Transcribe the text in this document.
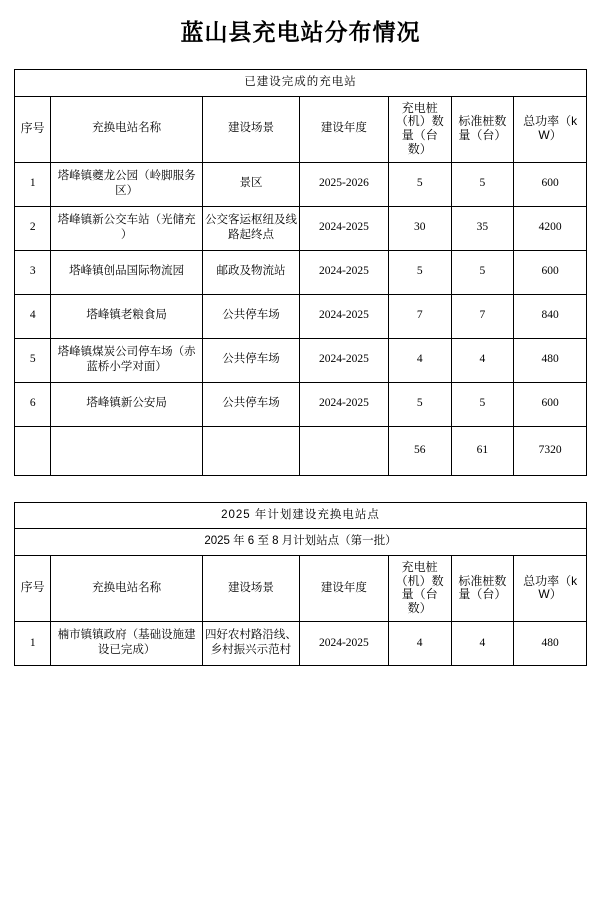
蓝山县充电站分布情况
已建设完成的充电站						
序号	充换电站名称	建设场景	建设年度	充电桩（机）数量（台数）	标准桩数量（台）	总功率（kW）
1	塔峰镇夔龙公园（岭脚服务区）	景区	2025-2026	5	5	600
2	塔峰镇新公交车站（光储充 ）	公交客运枢纽及线路起终点	2024-2025	30	35	4200
3	塔峰镇创品国际物流园	邮政及物流站	2024-2025	5	5	600
4	塔峰镇老粮食局	公共停车场	2024-2025	7	7	840
5	塔峰镇煤炭公司停车场（赤蓝桥小学对面）	公共停车场	2024-2025	4	4	480
6	塔峰镇新公安局	公共停车场	2024-2025	5	5	600
				56	61	7320
2025 年计划建设充换电站点						
2025 年 6 至 8 月计划站点（第一批）						
序号	充换电站名称	建设场景	建设年度	充电桩（机）数量（台数）	标准桩数量（台）	总功率（kW）
1	楠市镇镇政府（基础设施建设已完成）	四好农村路沿线、乡村振兴示范村	2024-2025	4	4	480
